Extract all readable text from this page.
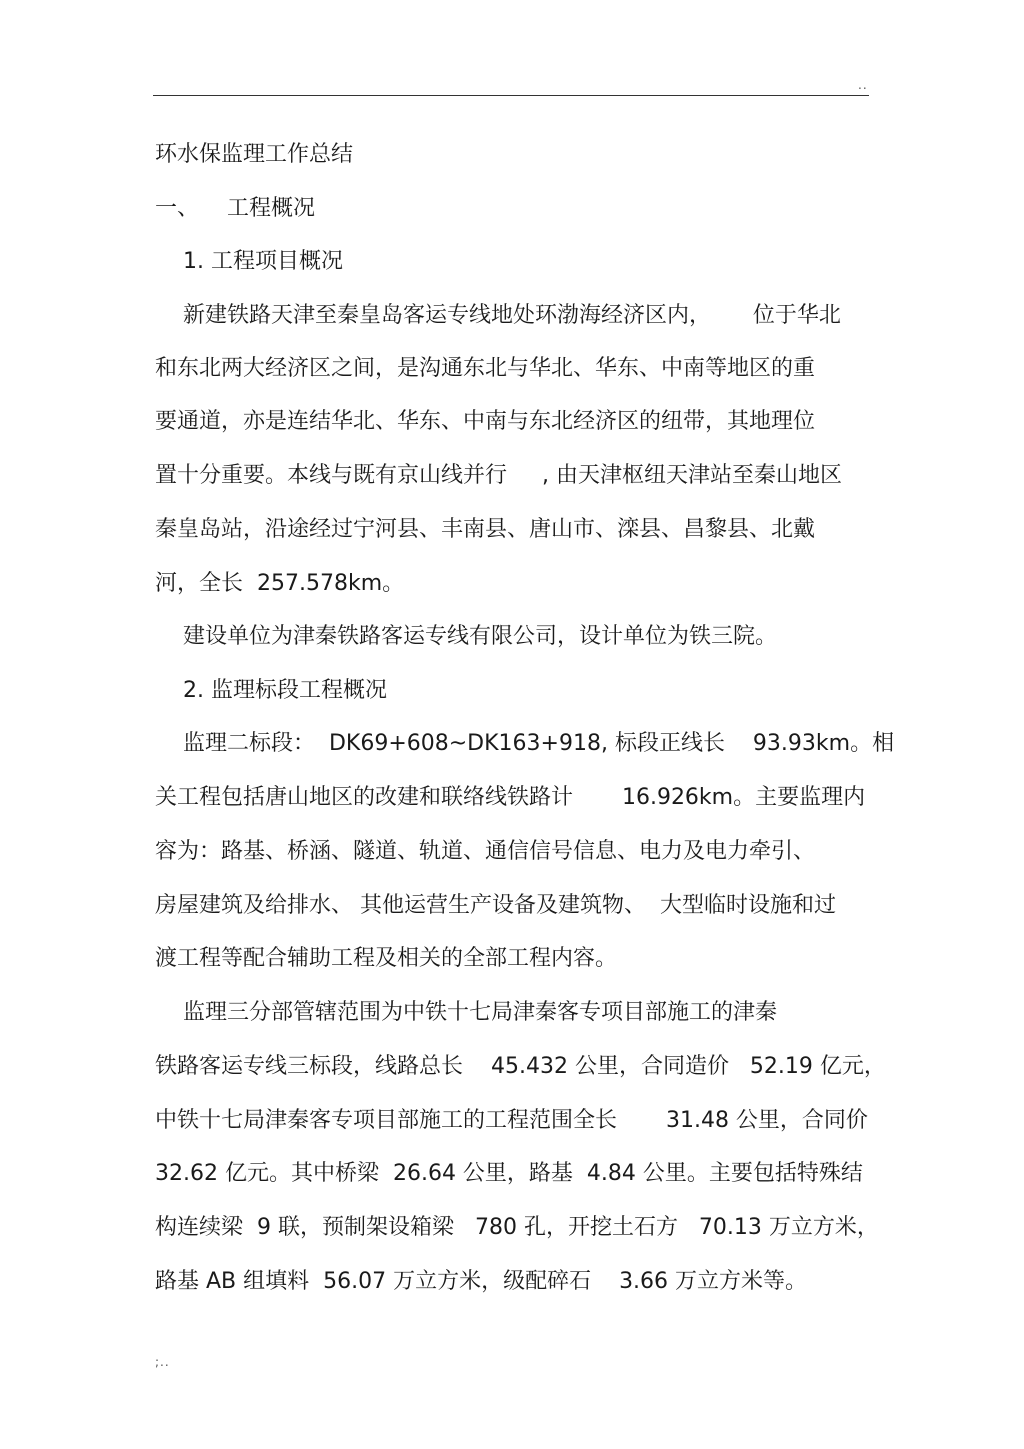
..
环水保监理工作总结
一、    工程概况
1. 工程项目概况
新建铁路天津至秦皇岛客运专线地处环渤海经济区内，      位于华北
和东北两大经济区之间，是沟通东北与华北、华东、中南等地区的重
要通道，亦是连结华北、华东、中南与东北经济区的纽带，其地理位
置十分重要。本线与既有京山线并行     , 由天津枢纽天津站至秦山地区
秦皇岛站，沿途经过宁河县、丰南县、唐山市、滦县、昌黎县、北戴
河，全长  257.578km。
建设单位为津秦铁路客运专线有限公司，设计单位为铁三院。
2. 监理标段工程概况
监理二标段：  DK69+608~DK163+918, 标段正线长    93.93km。相
关工程包括唐山地区的改建和联络线铁路计       16.926km。主要监理内
容为：路基、桥涵、隧道、轨道、通信信号信息、电力及电力牵引、
房屋建筑及给排水、 其他运营生产设备及建筑物、  大型临时设施和过
渡工程等配合辅助工程及相关的全部工程内容。
监理三分部管辖范围为中铁十七局津秦客专项目部施工的津秦
铁路客运专线三标段，线路总长    45.432 公里，合同造价   52.19 亿元，
中铁十七局津秦客专项目部施工的工程范围全长       31.48 公里，合同价
32.62 亿元。其中桥梁  26.64 公里，路基  4.84 公里。主要包括特殊结
构连续梁  9 联，预制架设箱梁   780 孔，开挖土石方   70.13 万立方米，
路基 AB 组填料  56.07 万立方米，级配碎石    3.66 万立方米等。
;..
